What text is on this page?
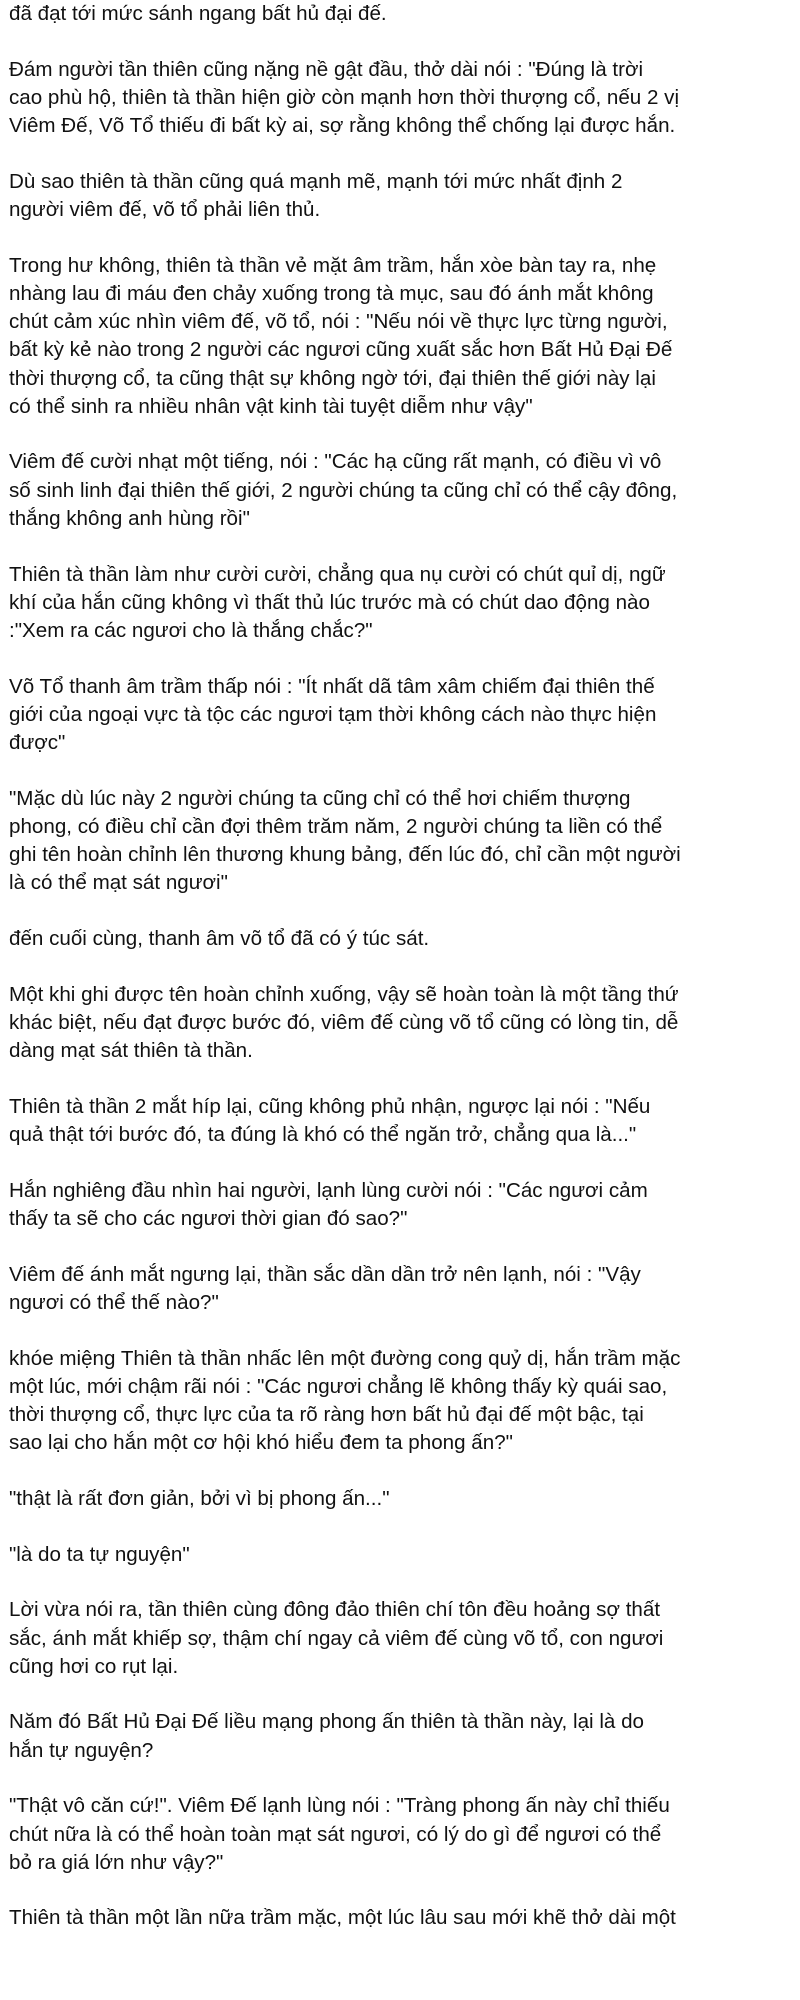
đã đạt tới mức sánh ngang bất hủ đại đế.

Đám người tần thiên cũng nặng nề gật đầu, thở dài nói : "Đúng là trời
cao phù hộ, thiên tà thần hiện giờ còn mạnh hơn thời thượng cổ, nếu 2 vị
Viêm Đế, Võ Tổ thiếu đi bất kỳ ai, sợ rằng không thể chống lại được hắn.

Dù sao thiên tà thần cũng quá mạnh mẽ, mạnh tới mức nhất định 2
người viêm đế, võ tổ phải liên thủ.

Trong hư không, thiên tà thần vẻ mặt âm trầm, hắn xòe bàn tay ra, nhẹ
nhàng lau đi máu đen chảy xuống trong tà mục, sau đó ánh mắt không
chút cảm xúc nhìn viêm đế, võ tổ, nói : "Nếu nói về thực lực từng người,
bất kỳ kẻ nào trong 2 người các ngươi cũng xuất sắc hơn Bất Hủ Đại Đế
thời thượng cổ, ta cũng thật sự không ngờ tới, đại thiên thế giới này lại
có thể sinh ra nhiều nhân vật kinh tài tuyệt diễm như vậy"

Viêm đế cười nhạt một tiếng, nói : "Các hạ cũng rất mạnh, có điều vì vô
số sinh linh đại thiên thế giới, 2 người chúng ta cũng chỉ có thể cậy đông,
thắng không anh hùng rồi"

Thiên tà thần làm như cười cười, chẳng qua nụ cười có chút quỉ dị, ngữ
khí của hắn cũng không vì thất thủ lúc trước mà có chút dao động nào
:"Xem ra các ngươi cho là thắng chắc?"

Võ Tổ thanh âm trầm thấp nói : "Ít nhất dã tâm xâm chiếm đại thiên thế
giới của ngoại vực tà tộc các ngươi tạm thời không cách nào thực hiện
được"

"Mặc dù lúc này 2 người chúng ta cũng chỉ có thể hơi chiếm thượng
phong, có điều chỉ cần đợi thêm trăm năm, 2 người chúng ta liền có thể
ghi tên hoàn chỉnh lên thương khung bảng, đến lúc đó, chỉ cần một người
là có thể mạt sát ngươi"

đến cuối cùng, thanh âm võ tổ đã có ý túc sát.

Một khi ghi được tên hoàn chỉnh xuống, vậy sẽ hoàn toàn là một tầng thứ
khác biệt, nếu đạt được bước đó, viêm đế cùng võ tổ cũng có lòng tin, dễ
dàng mạt sát thiên tà thần.

Thiên tà thần 2 mắt híp lại, cũng không phủ nhận, ngược lại nói : "Nếu
quả thật tới bước đó, ta đúng là khó có thể ngăn trở, chẳng qua là..."

Hắn nghiêng đầu nhìn hai người, lạnh lùng cười nói : "Các ngươi cảm
thấy ta sẽ cho các ngươi thời gian đó sao?"

Viêm đế ánh mắt ngưng lại, thần sắc dần dần trở nên lạnh, nói : "Vậy
ngươi có thể thế nào?"

khóe miệng Thiên tà thần nhấc lên một đường cong quỷ dị, hắn trầm mặc
một lúc, mới chậm rãi nói : "Các ngươi chẳng lẽ không thấy kỳ quái sao,
thời thượng cổ, thực lực của ta rõ ràng hơn bất hủ đại đế một bậc, tại
sao lại cho hắn một cơ hội khó hiểu đem ta phong ấn?"

"thật là rất đơn giản, bởi vì bị phong ấn..."

"là do ta tự nguyện"

Lời vừa nói ra, tần thiên cùng đông đảo thiên chí tôn đều hoảng sợ thất
sắc, ánh mắt khiếp sợ, thậm chí ngay cả viêm đế cùng võ tổ, con ngươi
cũng hơi co rụt lại.

Năm đó Bất Hủ Đại Đế liều mạng phong ấn thiên tà thần này, lại là do
hắn tự nguyện?

"Thật vô căn cứ!". Viêm Đế lạnh lùng nói : "Tràng phong ấn này chỉ thiếu
chút nữa là có thể hoàn toàn mạt sát ngươi, có lý do gì để ngươi có thể
bỏ ra giá lớn như vậy?"

Thiên tà thần một lần nữa trầm mặc, một lúc lâu sau mới khẽ thở dài một
